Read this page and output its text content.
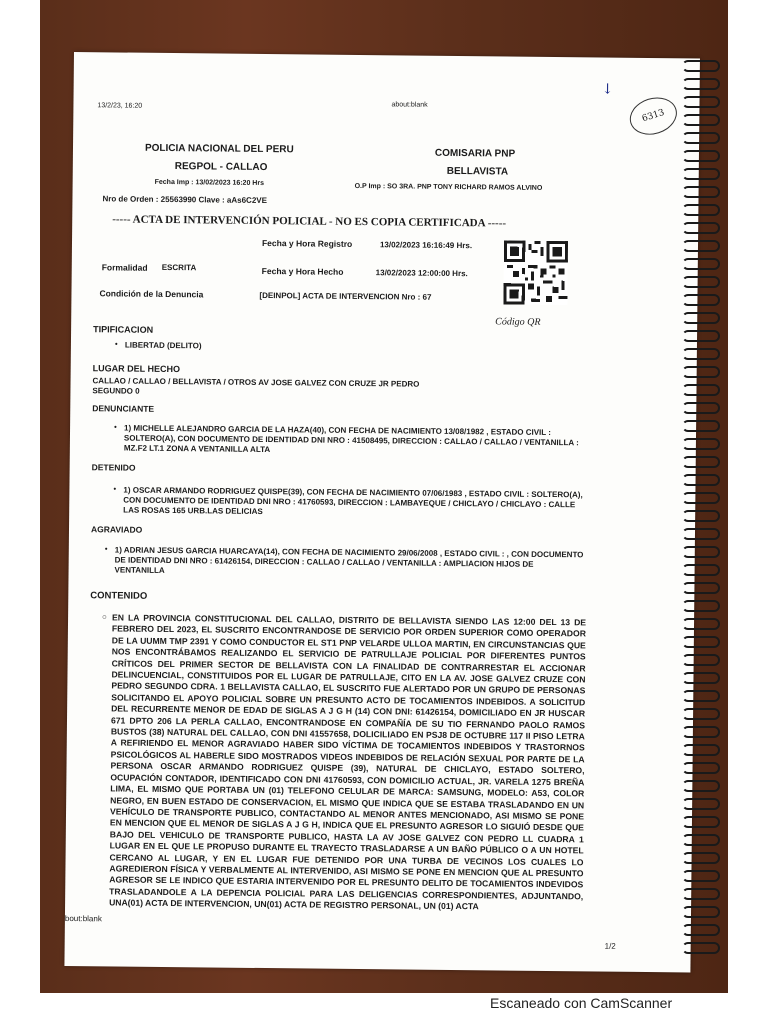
13/2/23, 16:20	about:blank
↓
6313
POLICIA NACIONAL DEL PERU
REGPOL - CALLAO
Fecha Imp : 13/02/2023 16:20 Hrs
Nro de Orden : 25563990 Clave : aAs6C2VE
COMISARIA PNP
BELLAVISTA
O.P Imp : SO 3RA. PNP TONY RICHARD RAMOS ALVINO
----- ACTA DE INTERVENCIÓN POLICIAL - NO ES COPIA CERTIFICADA -----
Fecha y Hora Registro	13/02/2023 16:16:49 Hrs.
Formalidad ESCRITA	Fecha y Hora Hecho	13/02/2023 12:00:00 Hrs.
Condición de la Denuncia	[DEINPOL] ACTA DE INTERVENCION Nro : 67
Código QR
TIPIFICACION
• LIBERTAD (DELITO)
LUGAR DEL HECHO
CALLAO / CALLAO / BELLAVISTA / OTROS AV JOSE GALVEZ CON CRUZE JR PEDRO
SEGUNDO 0
DENUNCIANTE
• 1) MICHELLE ALEJANDRO GARCIA DE LA HAZA(40), CON FECHA DE NACIMIENTO 13/08/1982 , ESTADO CIVIL : SOLTERO(A), CON DOCUMENTO DE IDENTIDAD DNI NRO : 41508495, DIRECCION : CALLAO / CALLAO / VENTANILLA : MZ.F2 LT.1 ZONA A VENTANILLA ALTA
DETENIDO
• 1) OSCAR ARMANDO RODRIGUEZ QUISPE(39), CON FECHA DE NACIMIENTO 07/06/1983 , ESTADO CIVIL : SOLTERO(A), CON DOCUMENTO DE IDENTIDAD DNI NRO : 41760593, DIRECCION : LAMBAYEQUE / CHICLAYO / CHICLAYO : CALLE LAS ROSAS 165 URB.LAS DELICIAS
AGRAVIADO
• 1) ADRIAN JESUS GARCIA HUARCAYA(14), CON FECHA DE NACIMIENTO 29/06/2008 , ESTADO CIVIL : , CON DOCUMENTO DE IDENTIDAD DNI NRO : 61426154, DIRECCION : CALLAO / CALLAO / VENTANILLA : AMPLIACION HIJOS DE VENTANILLA
CONTENIDO
○ EN LA PROVINCIA CONSTITUCIONAL DEL CALLAO, DISTRITO DE BELLAVISTA SIENDO LAS 12:00 DEL 13 DE FEBRERO DEL 2023, EL SUSCRITO ENCONTRANDOSE DE SERVICIO POR ORDEN SUPERIOR COMO OPERADOR DE LA UUMM TMP 2391 Y COMO CONDUCTOR EL ST1 PNP VELARDE ULLOA MARTIN, EN CIRCUNSTANCIAS QUE NOS ENCONTRÁBAMOS REALIZANDO EL SERVICIO DE PATRULLAJE POLICIAL POR DIFERENTES PUNTOS CRÍTICOS DEL PRIMER SECTOR DE BELLAVISTA CON LA FINALIDAD DE CONTRARRESTAR EL ACCIONAR DELINCUENCIAL, CONSTITUIDOS POR EL LUGAR DE PATRULLAJE, CITO EN LA AV. JOSE GALVEZ CRUZE CON PEDRO SEGUNDO CDRA. 1 BELLAVISTA CALLAO, EL SUSCRITO FUE ALERTADO POR UN GRUPO DE PERSONAS SOLICITANDO EL APOYO POLICIAL SOBRE UN PRESUNTO ACTO DE TOCAMIENTOS INDEBIDOS. A SOLICITUD DEL RECURRENTE MENOR DE EDAD DE SIGLAS A J G H (14) CON DNI: 61426154, DOMICILIADO EN JR HUSCAR 671 DPTO 206 LA PERLA CALLAO, ENCONTRANDOSE EN COMPAÑÍA DE SU TIO FERNANDO PAOLO RAMOS BUSTOS (38) NATURAL DEL CALLAO, CON DNI 41557658, DOLICILIADO EN PSJ8 DE OCTUBRE 117 II PISO LETRA A REFIRIENDO EL MENOR AGRAVIADO HABER SIDO VÍCTIMA DE TOCAMIENTOS INDEBIDOS Y TRASTORNOS PSICOLÓGICOS AL HABERLE SIDO MOSTRADOS VIDEOS INDEBIDOS DE RELACIÓN SEXUAL POR PARTE DE LA PERSONA OSCAR ARMANDO RODRIGUEZ QUISPE (39), NATURAL DE CHICLAYO, ESTADO SOLTERO, OCUPACIÓN CONTADOR, IDENTIFICADO CON DNI 41760593, CON DOMICILIO ACTUAL, JR. VARELA 1275 BREÑA LIMA, EL MISMO QUE PORTABA UN (01) TELEFONO CELULAR DE MARCA: SAMSUNG, MODELO: A53, COLOR NEGRO, EN BUEN ESTADO DE CONSERVACION, EL MISMO QUE INDICA QUE SE ESTABA TRASLADANDO EN UN VEHÍCULO DE TRANSPORTE PUBLICO, CONTACTANDO AL MENOR ANTES MENCIONADO, ASI MISMO SE PONE EN MENCION QUE EL MENOR DE SIGLAS A J G H, INDICA QUE EL PRESUNTO AGRESOR LO SIGUIÓ DESDE QUE BAJO DEL VEHICULO DE TRANSPORTE PUBLICO, HASTA LA AV JOSE GALVEZ CON PEDRO LL CUADRA 1 LUGAR EN EL QUE LE PROPUSO DURANTE EL TRAYECTO TRASLADARSE A UN BAÑO PÚBLICO O A UN HOTEL CERCANO AL LUGAR, Y EN EL LUGAR FUE DETENIDO POR UNA TURBA DE VECINOS LOS CUALES LO AGREDIERON FÍSICA Y VERBALMENTE AL INTERVENIDO, ASI MISMO SE PONE EN MENCION QUE AL PRESUNTO AGRESOR SE LE INDICO QUE ESTARIA INTERVENIDO POR EL PRESUNTO DELITO DE TOCAMIENTOS INDEVIDOS TRASLADANDOLE A LA DEPENCIA POLICIAL PARA LAS DELIGENCIAS CORRESPONDIENTES, ADJUNTANDO, UNA(01) ACTA DE INTERVENCION, UN(01) ACTA DE REGISTRO PERSONAL, UN (01) ACTA
bout:blank
1/2
Escaneado con CamScanner
